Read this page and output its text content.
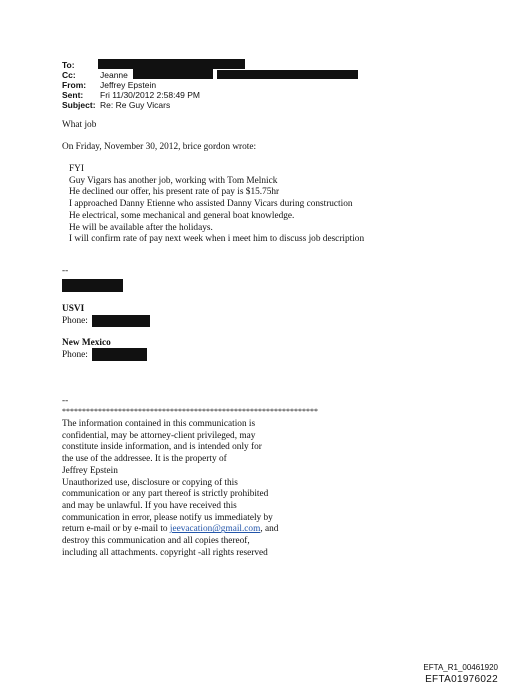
To:
Cc:	Jeanne
From:	Jeffrey Epstein
Sent:	Fri 11/30/2012 2:58:49 PM
Subject: Re: Re Guy Vicars
What job
On Friday, November 30, 2012, brice gordon wrote:

FYI

Guy Vigars has another job, working with Tom Melnick

He declined our offer, his present rate of pay is $15.75hr

I approached Danny Etienne who assisted Danny Vicars during construction

He electrical, some mechanical and general boat knowledge.

He will be available after the holidays.

I will confirm rate of pay next week when i meet him to discuss job description

--
USVI
Phone:
New Mexico
Phone:
--
****************************************************************

The information contained in this communication is

confidential, may be attorney-client privileged, may

constitute inside information, and is intended only for

the use of the addressee. It is the property of

Jeffrey Epstein

Unauthorized use, disclosure or copying of this

communication or any part thereof is strictly prohibited

and may be unlawful. If you have received this

communication in error, please notify us immediately by

return e-mail or by e-mail to jeevacation@gmail.com, and

destroy this communication and all copies thereof,

including all attachments. copyright -all rights reserved

EFTA_R1_00461920
EFTA01976022
